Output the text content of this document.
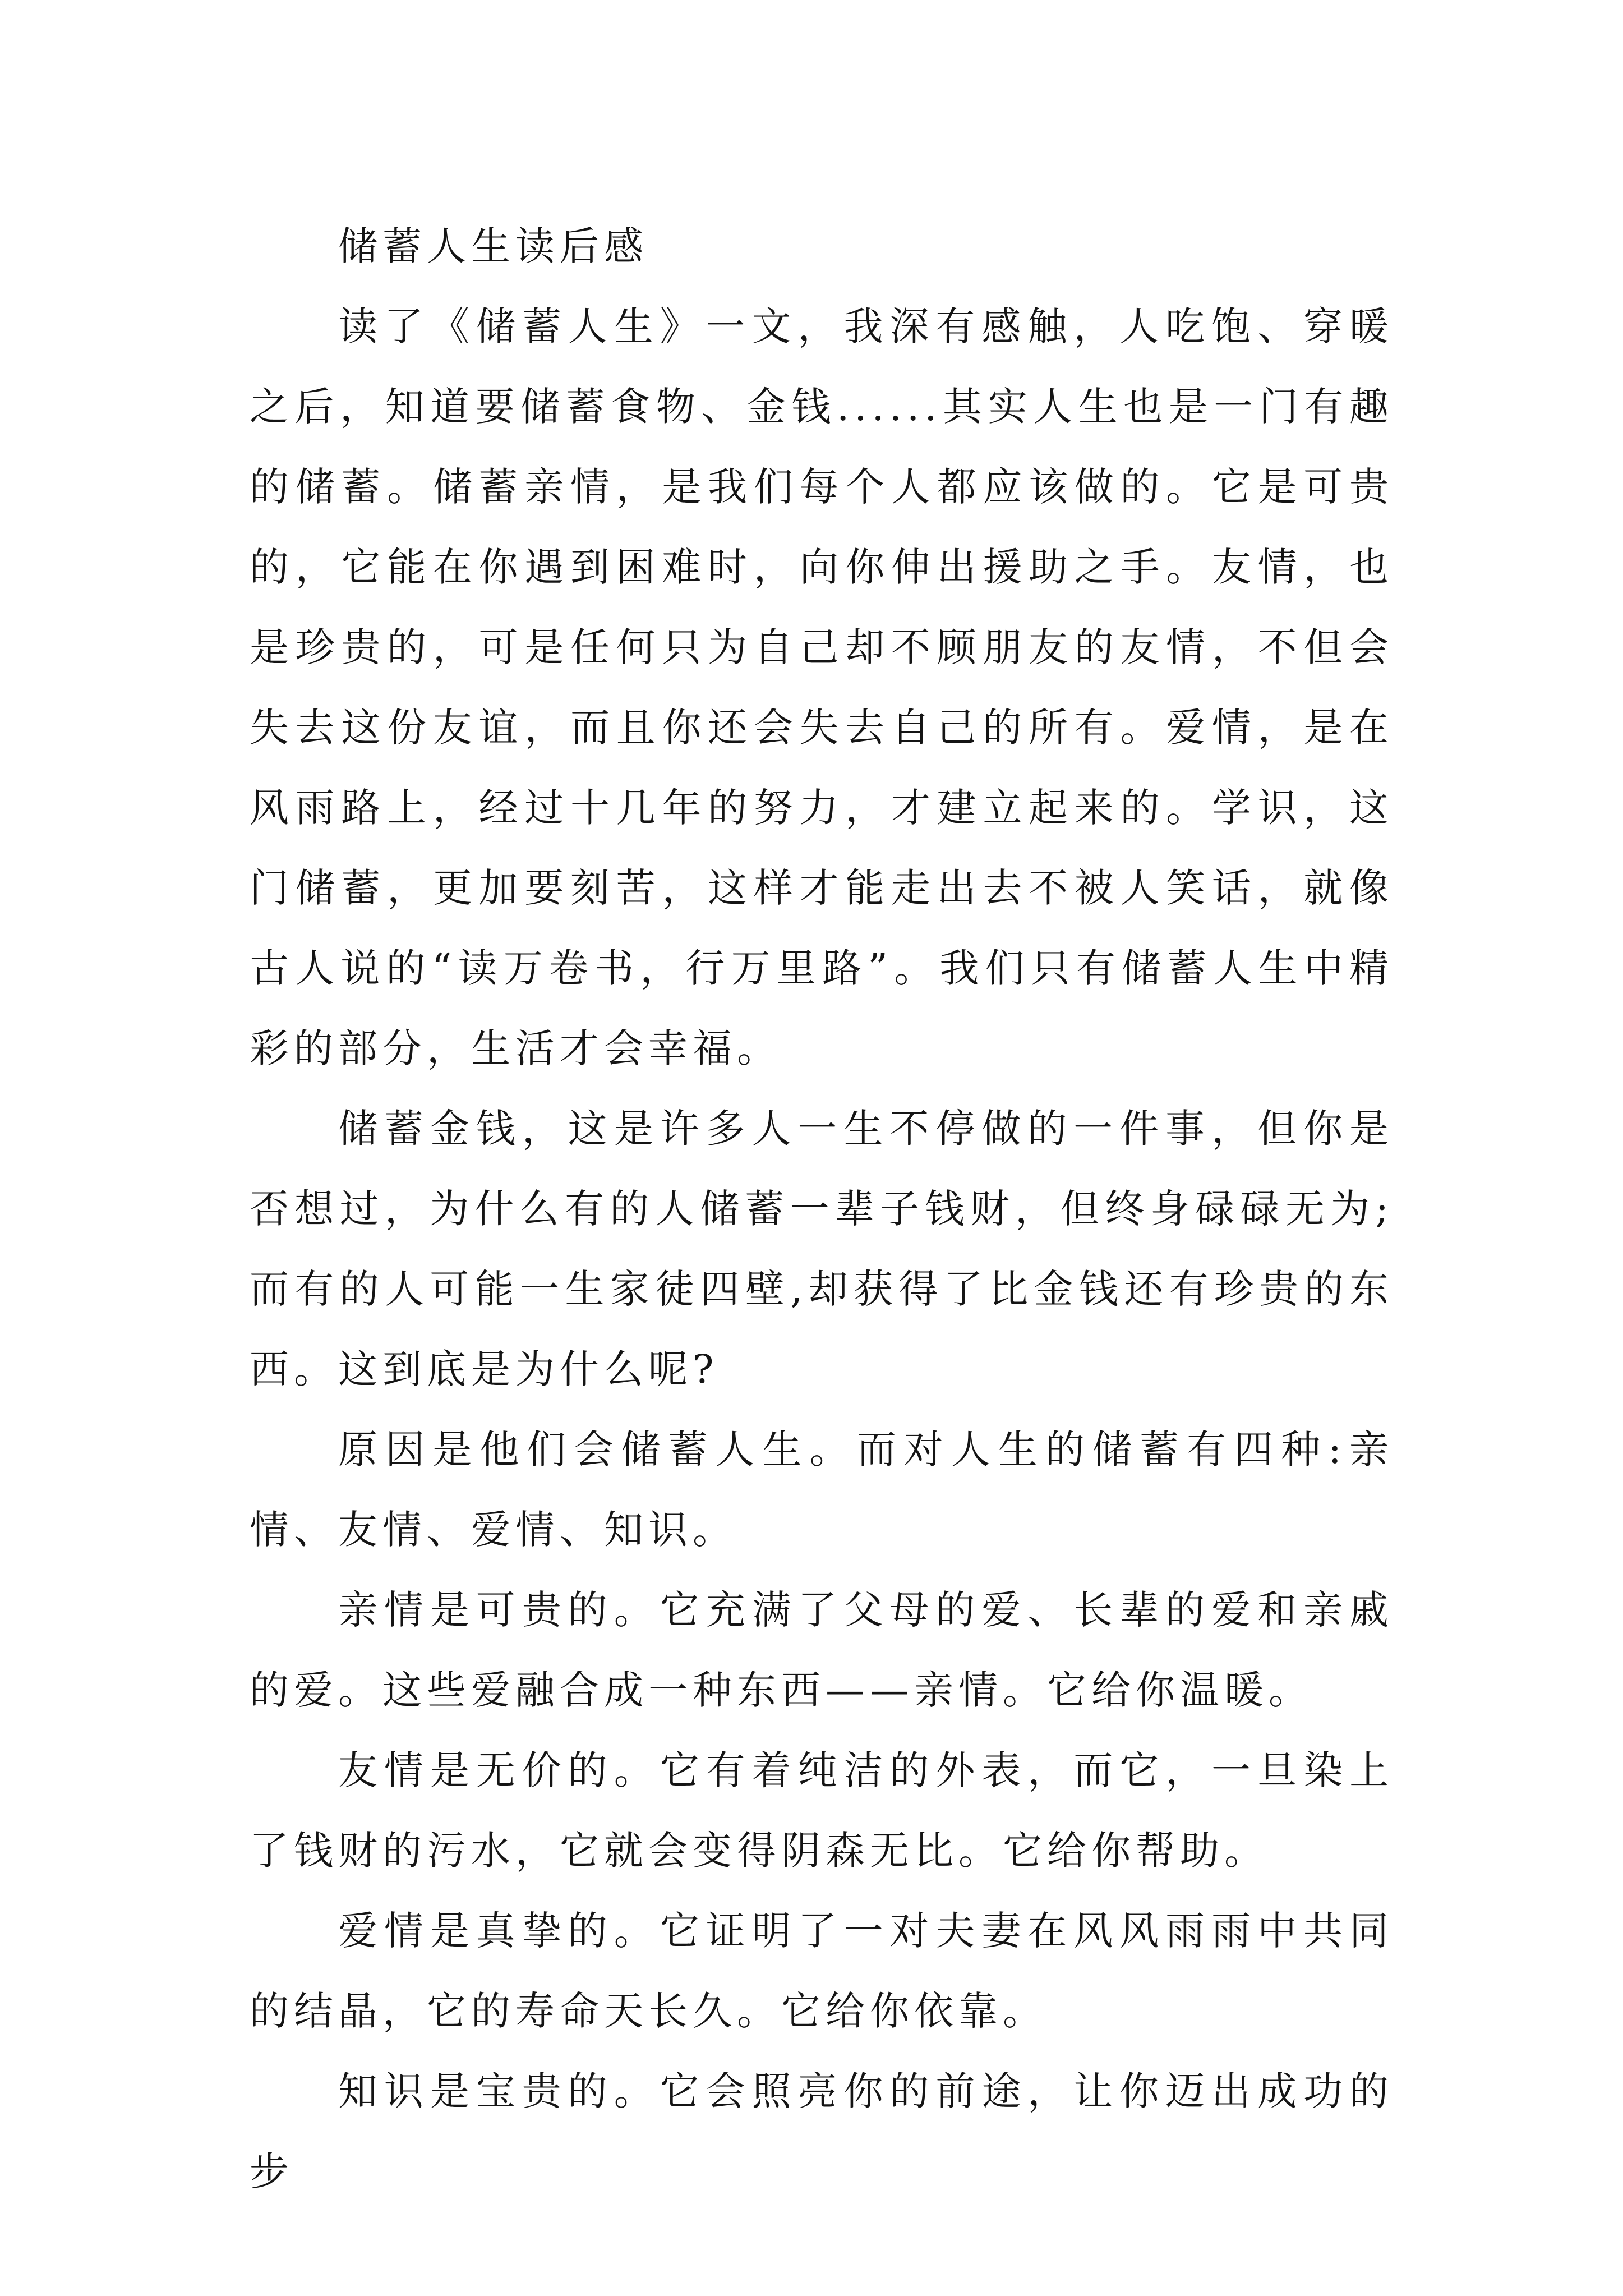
储蓄人生读后感

读了《储蓄人生》一文，我深有感触，人吃饱、穿暖之后，知道要储蓄食物、金钱......其实人生也是一门有趣的储蓄。储蓄亲情，是我们每个人都应该做的。它是可贵的，它能在你遇到困难时，向你伸出援助之手。友情，也是珍贵的，可是任何只为自己却不顾朋友的友情，不但会失去这份友谊，而且你还会失去自己的所有。爱情，是在风雨路上，经过十几年的努力，才建立起来的。学识，这门储蓄，更加要刻苦，这样才能走出去不被人笑话，就像古人说的“读万卷书，行万里路”。我们只有储蓄人生中精彩的部分，生活才会幸福。

储蓄金钱，这是许多人一生不停做的一件事，但你是否想过，为什么有的人储蓄一辈子钱财，但终身碌碌无为;而有的人可能一生家徒四壁,却获得了比金钱还有珍贵的东西。这到底是为什么呢?

原因是他们会储蓄人生。而对人生的储蓄有四种:亲情、友情、爱情、知识。

亲情是可贵的。它充满了父母的爱、长辈的爱和亲戚的爱。这些爱融合成一种东西——亲情。它给你温暖。

友情是无价的。它有着纯洁的外表，而它，一旦染上了钱财的污水，它就会变得阴森无比。它给你帮助。

爱情是真挚的。它证明了一对夫妻在风风雨雨中共同的结晶，它的寿命天长久。它给你依靠。

知识是宝贵的。它会照亮你的前途，让你迈出成功的步
